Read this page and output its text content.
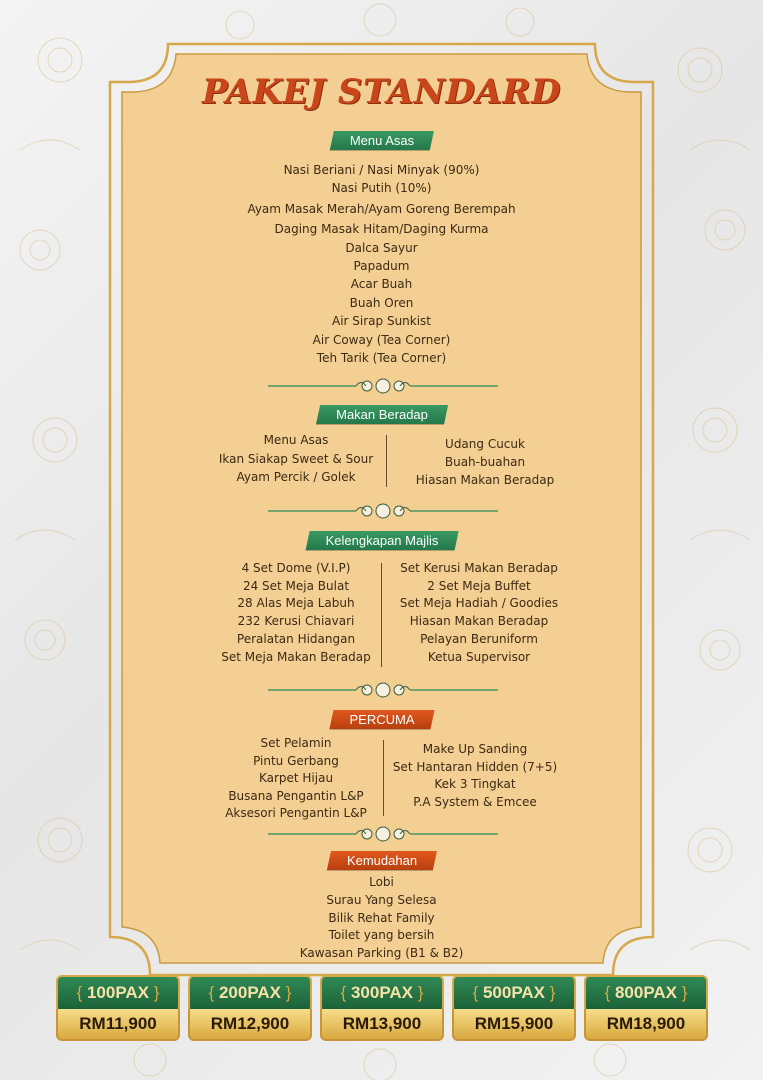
PAKEJ STANDARD
Menu Asas
Nasi Beriani / Nasi Minyak (90%)
Nasi Putih (10%)
Ayam Masak Merah/Ayam Goreng Berempah
Daging Masak Hitam/Daging Kurma
Dalca Sayur
Papadum
Acar Buah
Buah Oren
Air Sirap Sunkist
Air Coway (Tea Corner)
Teh Tarik (Tea Corner)
Makan Beradap
Menu Asas
Ikan Siakap Sweet & Sour
Ayam Percik / Golek
Udang Cucuk
Buah-buahan
Hiasan Makan Beradap
Kelengkapan Majlis
4 Set Dome (V.I.P)
24 Set Meja Bulat
28 Alas Meja Labuh
232 Kerusi Chiavari
Peralatan Hidangan
Set Meja Makan Beradap
Set Kerusi Makan Beradap
2 Set Meja Buffet
Set Meja Hadiah / Goodies
Hiasan Makan Beradap
Pelayan Beruniform
Ketua Supervisor
PERCUMA
Set Pelamin
Pintu Gerbang
Karpet Hijau
Busana Pengantin L&P
Aksesori Pengantin L&P
Make Up Sanding
Set Hantaran Hidden (7+5)
Kek 3 Tingkat
P.A System & Emcee
Kemudahan
Lobi
Surau Yang Selesa
Bilik Rehat Family
Toilet yang bersih
Kawasan Parking (B1 & B2)
{ 100PAX }
RM11,900
{ 200PAX }
RM12,900
{ 300PAX }
RM13,900
{ 500PAX }
RM15,900
{ 800PAX }
RM18,900
